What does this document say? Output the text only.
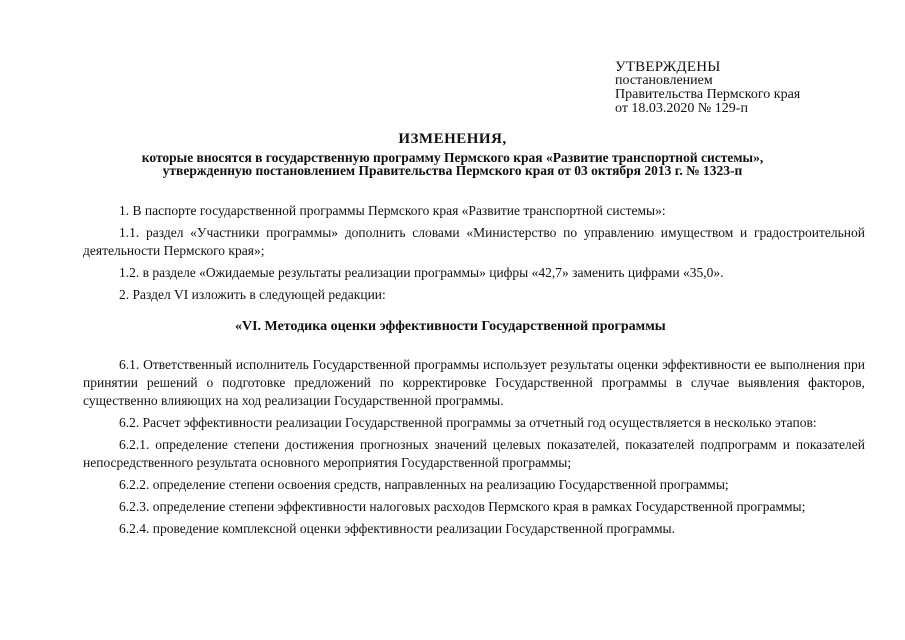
УТВЕРЖДЕНЫ
постановлением
Правительства Пермского края
от 18.03.2020 № 129-п
ИЗМЕНЕНИЯ,
которые вносятся в государственную программу Пермского края «Развитие транспортной системы»,
утвержденную постановлением Правительства Пермского края от 03 октября 2013 г. № 1323-п

1. В паспорте государственной программы Пермского края «Развитие транспортной системы»:

1.1. раздел «Участники программы» дополнить словами «Министерство по управлению имуществом и градостроительной деятельности Пермского края»;

1.2. в разделе «Ожидаемые результаты реализации программы» цифры «42,7» заменить цифрами «35,0».

2. Раздел VI изложить в следующей редакции:

«VI. Методика оценки эффективности Государственной программы

6.1. Ответственный исполнитель Государственной программы использует результаты оценки эффективности ее выполнения при принятии решений о подготовке предложений по корректировке Государственной программы в случае выявления факторов, существенно влияющих на ход реализации Государственной программы.

6.2. Расчет эффективности реализации Государственной программы за отчетный год осуществляется в несколько этапов:

6.2.1. определение степени достижения прогнозных значений целевых показателей, показателей подпрограмм и показателей непосредственного результата основного мероприятия Государственной программы;

6.2.2. определение степени освоения средств, направленных на реализацию Государственной программы;

6.2.3. определение степени эффективности налоговых расходов Пермского края в рамках Государственной программы;

6.2.4. проведение комплексной оценки эффективности реализации Государственной программы.
